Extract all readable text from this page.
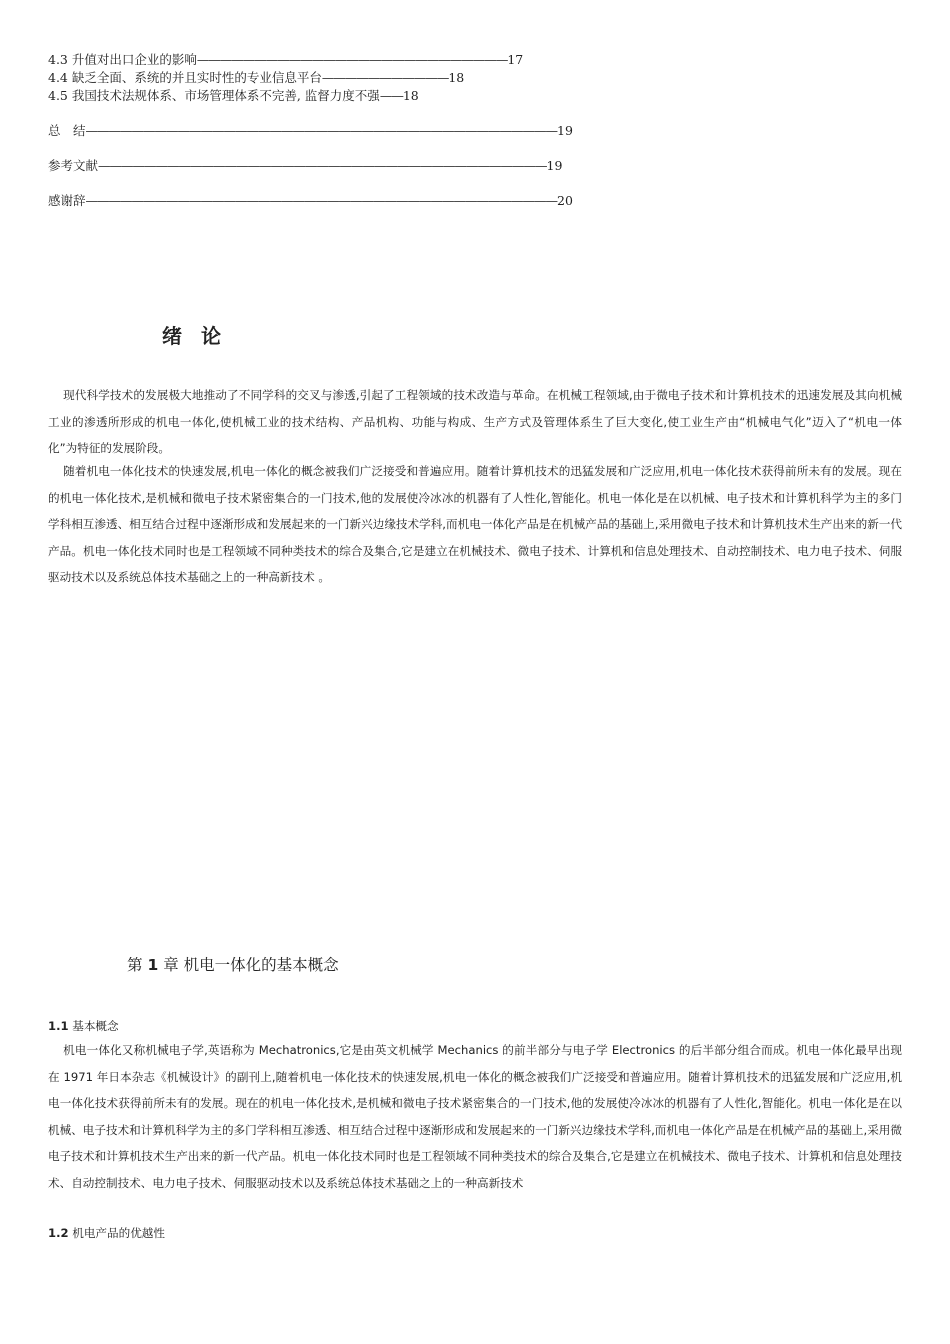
4.3 升值对出口企业的影响———————————————————————————17
4.4 缺乏全面、系统的并且实时性的专业信息平台———————————18
4.5 我国技术法规体系、市场管理体系不完善, 监督力度不强——18
总　结—————————————————————————————————————————19
参考文献———————————————————————————————————————19
感谢辞—————————————————————————————————————————20
绪 论

现代科学技术的发展极大地推动了不同学科的交叉与渗透,引起了工程领域的技术改造与革命。在机械工程领域,由于微电子技术和计算机技术的迅速发展及其向机械工业的渗透所形成的机电一体化,使机械工业的技术结构、产品机构、功能与构成、生产方式及管理体系生了巨大变化,使工业生产由“机械电气化”迈入了“机电一体化”为特征的发展阶段。

随着机电一体化技术的快速发展,机电一体化的概念被我们广泛接受和普遍应用。随着计算机技术的迅猛发展和广泛应用,机电一体化技术获得前所未有的发展。现在的机电一体化技术,是机械和微电子技术紧密集合的一门技术,他的发展使冷冰冰的机器有了人性化,智能化。机电一体化是在以机械、电子技术和计算机科学为主的多门学科相互渗透、相互结合过程中逐渐形成和发展起来的一门新兴边缘技术学科,而机电一体化产品是在机械产品的基础上,采用微电子技术和计算机技术生产出来的新一代产品。机电一体化技术同时也是工程领域不同种类技术的综合及集合,它是建立在机械技术、微电子技术、计算机和信息处理技术、自动控制技术、电力电子技术、伺服驱动技术以及系统总体技术基础之上的一种高新技术 。

第 1 章 机电一体化的基本概念
1.1 基本概念

机电一体化又称机械电子学,英语称为 Mechatronics,它是由英文机械学 Mechanics 的前半部分与电子学 Electronics 的后半部分组合而成。机电一体化最早出现在 1971 年日本杂志《机械设计》的副刊上,随着机电一体化技术的快速发展,机电一体化的概念被我们广泛接受和普遍应用。随着计算机技术的迅猛发展和广泛应用,机电一体化技术获得前所未有的发展。现在的机电一体化技术,是机械和微电子技术紧密集合的一门技术,他的发展使冷冰冰的机器有了人性化,智能化。机电一体化是在以机械、电子技术和计算机科学为主的多门学科相互渗透、相互结合过程中逐渐形成和发展起来的一门新兴边缘技术学科,而机电一体化产品是在机械产品的基础上,采用微电子技术和计算机技术生产出来的新一代产品。机电一体化技术同时也是工程领域不同种类技术的综合及集合,它是建立在机械技术、微电子技术、计算机和信息处理技术、自动控制技术、电力电子技术、伺服驱动技术以及系统总体技术基础之上的一种高新技术

1.2 机电产品的优越性
